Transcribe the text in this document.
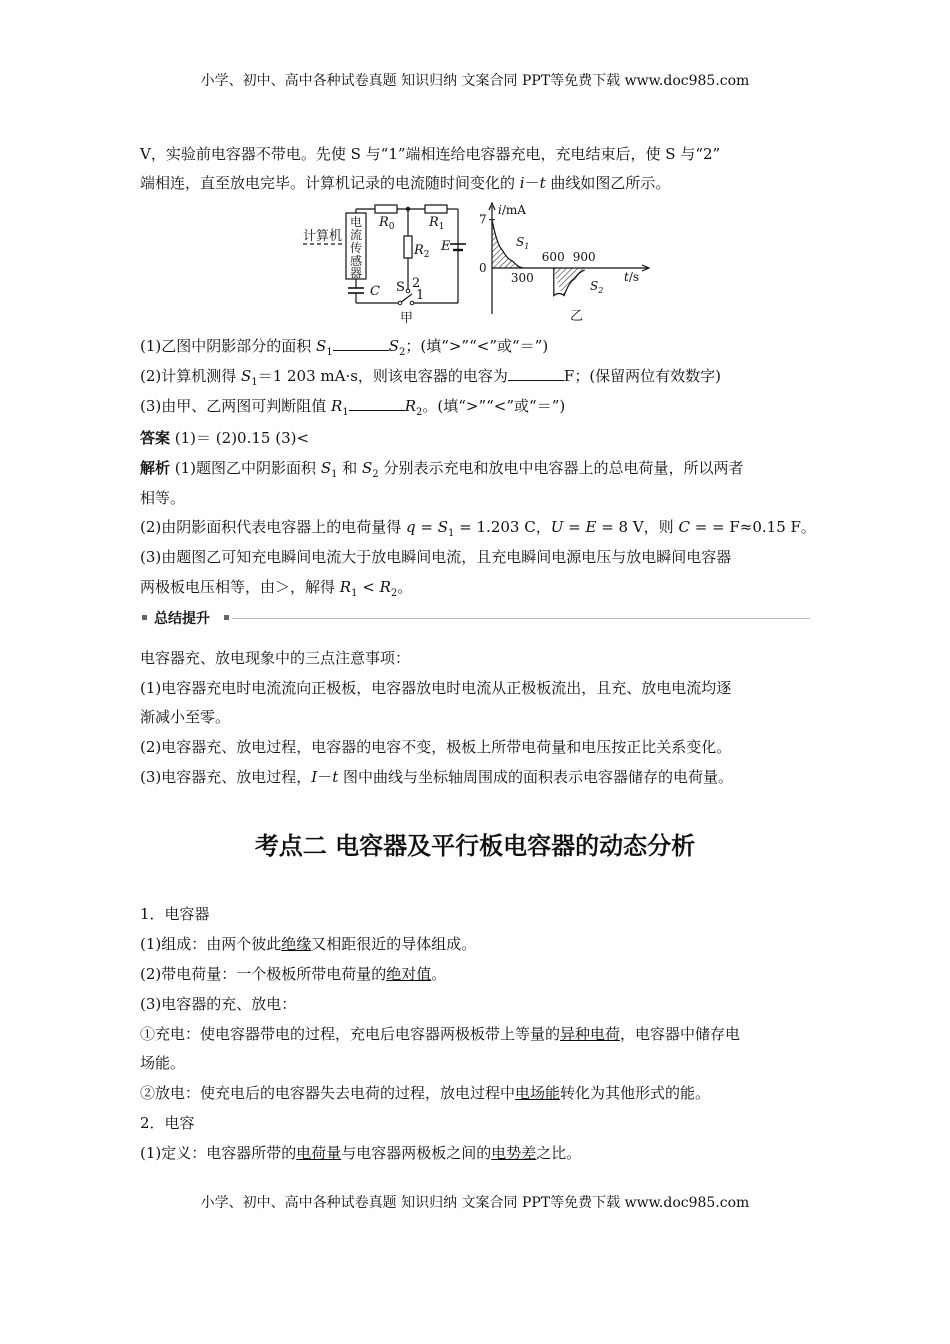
小学、初中、高中各种试卷真题 知识归纳 文案合同 PPT等免费下载 www.doc985.com
V，实验前电容器不带电。先使 S 与“1”端相连给电容器充电，充电结束后，使 S 与“2”
端相连，直至放电完毕。计算机记录的电流随时间变化的 i－t 曲线如图乙所示。
计算机
电
流
传
感
器
$R_0$	$R_1$
$R_2$
E
C S 2
1
甲
i/mA
7
0
300
600 900
t/s
$S_1$
$S_2$
乙
(1)乙图中阴影部分的面积 $S_1$	$S_2$；(填“>”“<”或“＝”)
(2)计算机测得 $S_1=1$ 203 mA·s，则该电容器的电容为	F；(保留两位有效数字)
(3)由甲、乙两图可判断阻值 $R_1$	$R_2$。(填“>”“<”或“＝”)
答案 (1)＝ (2)0.15 (3)<
解析 (1)题图乙中阴影面积 $S_1$ 和 $S_2$ 分别表示充电和放电中电容器上的总电荷量，所以两者
相等。
(2)由阴影面积代表电容器上的电荷量得 $q = S_1 = 1.203$ C，U = E = 8 V，则 C = = F≈0.15 F。
(3)由题图乙可知充电瞬间电流大于放电瞬间电流，且充电瞬间电源电压与放电瞬间电容器
两极板电压相等，由＞，解得 $R_1 < R_2$。
总结提升
电容器充、放电现象中的三点注意事项：
(1)电容器充电时电流流向正极板，电容器放电时电流从正极板流出，且充、放电电流均逐
渐减小至零。
(2)电容器充、放电过程，电容器的电容不变，极板上所带电荷量和电压按正比关系变化。
(3)电容器充、放电过程，I－t 图中曲线与坐标轴周围成的面积表示电容器储存的电荷量。
考点二 电容器及平行板电容器的动态分析
1．电容器
(1)组成：由两个彼此绝缘又相距很近的导体组成。
(2)带电荷量：一个极板所带电荷量的绝对值。
(3)电容器的充、放电：
①充电：使电容器带电的过程，充电后电容器两极板带上等量的异种电荷，电容器中储存电
场能。
②放电：使充电后的电容器失去电荷的过程，放电过程中电场能转化为其他形式的能。
2．电容
(1)定义：电容器所带的电荷量与电容器两极板之间的电势差之比。
小学、初中、高中各种试卷真题 知识归纳 文案合同 PPT等免费下载 www.doc985.com
